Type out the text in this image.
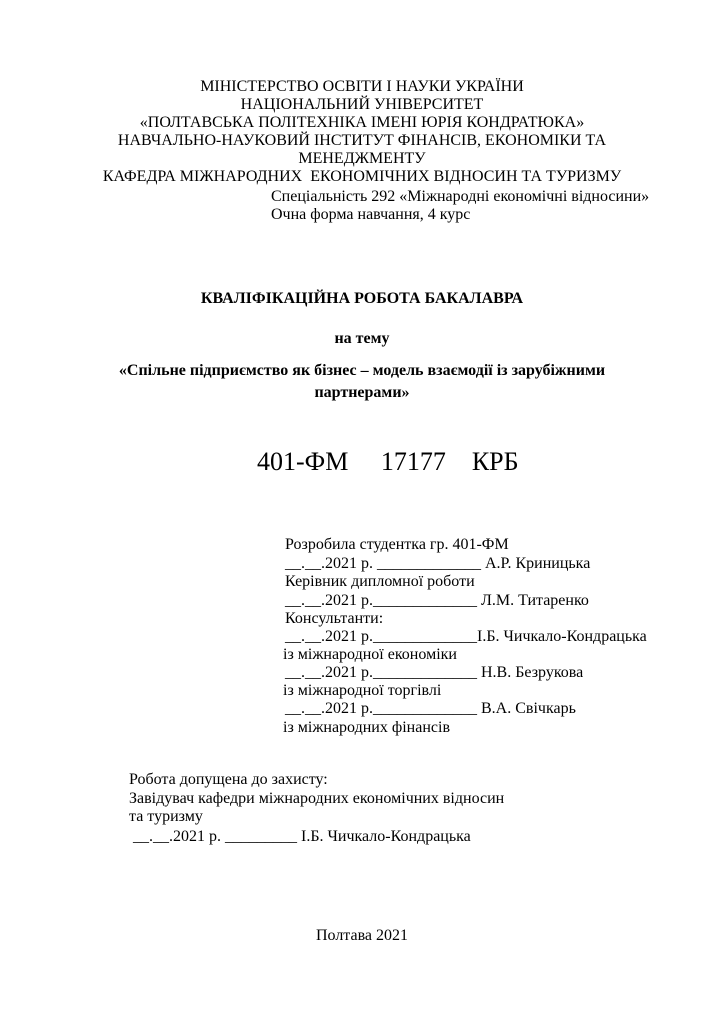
МІНІСТЕРСТВО ОСВІТИ І НАУКИ УКРАЇНИ
НАЦІОНАЛЬНИЙ УНІВЕРСИТЕТ
«ПОЛТАВСЬКА ПОЛІТЕХНІКА ІМЕНІ ЮРІЯ КОНДРАТЮКА»
НАВЧАЛЬНО-НАУКОВИЙ ІНСТИТУТ ФІНАНСІВ, ЕКОНОМІКИ ТА
МЕНЕДЖМЕНТУ
КАФЕДРА МІЖНАРОДНИХ  ЕКОНОМІЧНИХ ВІДНОСИН ТА ТУРИЗМУ
Спеціальність 292 «Міжнародні економічні відносини»
Очна форма навчання, 4 курс
КВАЛІФІКАЦІЙНА РОБОТА БАКАЛАВРА
на тему
«Спільне підприємство як бізнес – модель взаємодії із зарубіжними
партнерами»
401-ФМ     17177    КРБ
Розробила студентка гр. 401-ФМ
__.__.2021 р. _____________ А.Р. Криницька
Керівник дипломної роботи
__.__.2021 р._____________ Л.М. Титаренко
Консультанти:
__.__.2021 р._____________І.Б. Чичкало-Кондрацька
із міжнародної економіки
__.__.2021 р._____________ Н.В. Безрукова
із міжнародної торгівлі
__.__.2021 р._____________ В.А. Свічкарь
із міжнародних фінансів
Робота допущена до захисту:
Завідувач кафедри міжнародних економічних відносин
та туризму
__.__.2021 р. _________ І.Б. Чичкало-Кондрацька
Полтава 2021
